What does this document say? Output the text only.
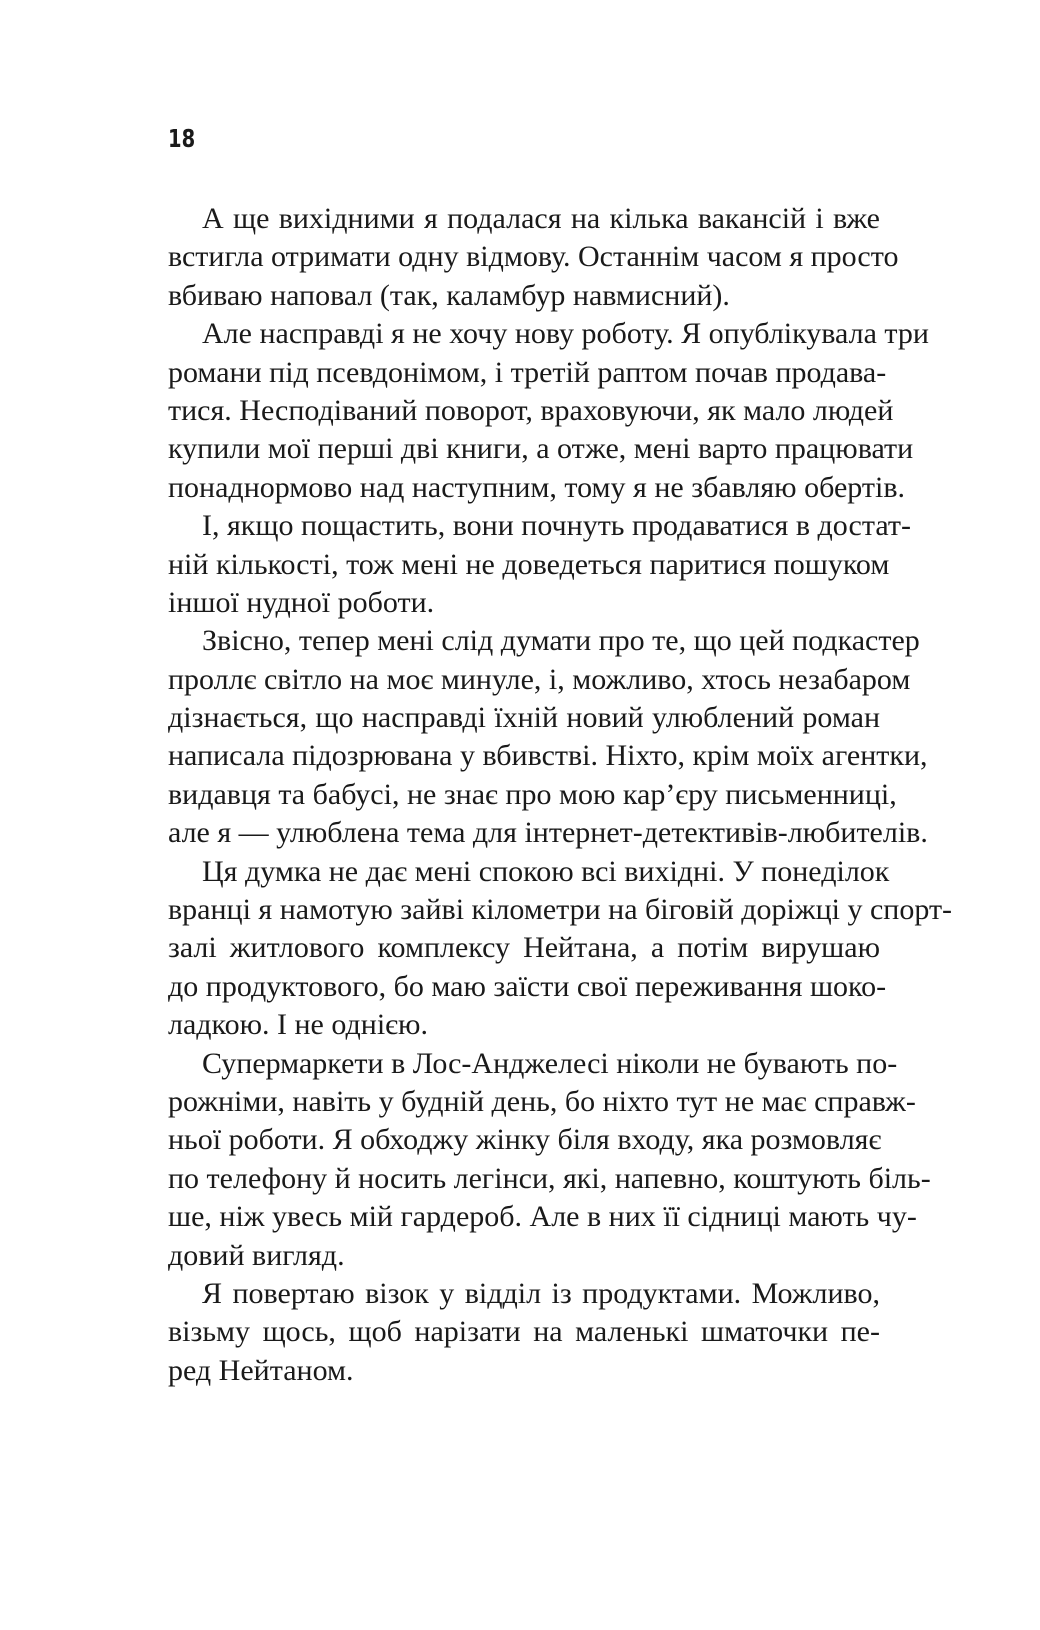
18
А ще вихідними я подалася на кілька вакансій і вже
встигла отримати одну відмову. Останнім часом я просто
вбиваю наповал (так, каламбур навмисний).
Але насправді я не хочу нову роботу. Я опублікувала три
романи під псевдонімом, і третій раптом почав продава-
тися. Несподіваний поворот, враховуючи, як мало людей
купили мої перші дві книги, а отже, мені варто працювати
понаднормово над наступним, тому я не збавляю обертів.
І, якщо пощастить, вони почнуть продаватися в достат-
ній кількості, тож мені не доведеться паритися пошуком
іншої нудної роботи.
Звісно, тепер мені слід думати про те, що цей подкастер
проллє світло на моє минуле, і, можливо, хтось незабаром
дізнається, що насправді їхній новий улюблений роман
написала підозрювана у вбивстві. Ніхто, крім моїх агентки,
видавця та бабусі, не знає про мою кар’єру письменниці,
але я — улюблена тема для інтернет-детективів-любителів.
Ця думка не дає мені спокою всі вихідні. У понеділок
вранці я намотую зайві кілометри на біговій доріжці у спорт-
залі житлового комплексу Нейтана, а потім вирушаю
до продуктового, бо маю заїсти свої переживання шоко-
ладкою. І не однією.
Супермаркети в Лос-Анджелесі ніколи не бувають по-
рожніми, навіть у будній день, бо ніхто тут не має справж-
ньої роботи. Я обходжу жінку біля входу, яка розмовляє
по телефону й носить легінси, які, напевно, коштують біль-
ше, ніж увесь мій гардероб. Але в них її сідниці мають чу-
довий вигляд.
Я повертаю візок у відділ із продуктами. Можливо,
візьму щось, щоб нарізати на маленькі шматочки пе-
ред Нейтаном.
